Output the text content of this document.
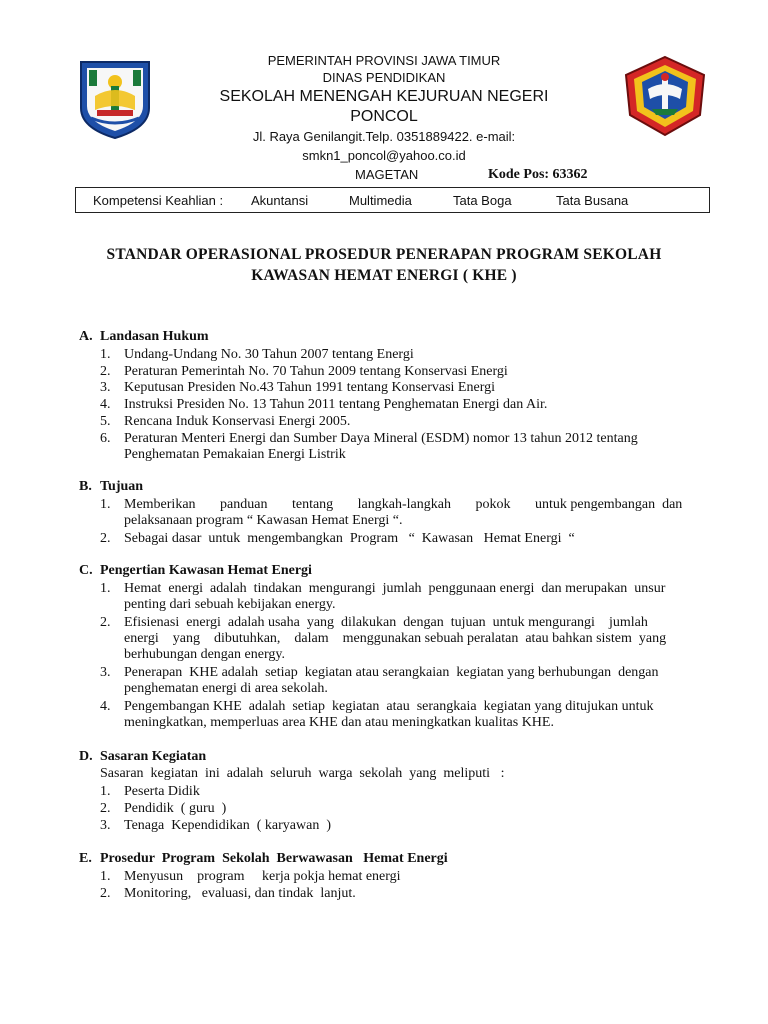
PEMERINTAH PROVINSI JAWA TIMUR
DINAS PENDIDIKAN
SEKOLAH MENENGAH KEJURUAN NEGERI
PONCOL
Jl. Raya Genilangit.Telp. 0351889422. e-mail:
smkn1_poncol@yahoo.co.id
MAGETAN	Kode Pos: 63362
Kompetensi Keahlian : Akuntansi	Multimedia	Tata Boga	Tata Busana
STANDAR OPERASIONAL PROSEDUR PENERAPAN PROGRAM SEKOLAH
KAWASAN HEMAT ENERGI ( KHE )
A. Landasan Hukum
1. Undang-Undang No. 30 Tahun 2007 tentang Energi
2. Peraturan Pemerintah No. 70 Tahun 2009 tentang Konservasi Energi
3. Keputusan Presiden No.43 Tahun 1991 tentang Konservasi Energi
4. Instruksi Presiden No. 13 Tahun 2011 tentang Penghematan Energi dan Air.
5. Rencana Induk Konservasi Energi 2005.
6. Peraturan Menteri Energi dan Sumber Daya Mineral (ESDM) nomor 13 tahun 2012 tentang
Penghematan Pemakaian Energi Listrik
B. Tujuan
1. Memberikan       panduan       tentang       langkah-langkah       pokok       untuk pengembangan  dan
pelaksanaan program “ Kawasan Hemat Energi “.
2. Sebagai dasar  untuk  mengembangkan  Program   “  Kawasan   Hemat Energi  “
C. Pengertian Kawasan Hemat Energi
1. Hemat  energi  adalah  tindakan  mengurangi  jumlah  penggunaan energi  dan merupakan  unsur
penting dari sebuah kebijakan energy.
2. Efisienasi  energi  adalah usaha  yang  dilakukan  dengan  tujuan  untuk mengurangi    jumlah
energi    yang    dibutuhkan,    dalam    menggunakan sebuah peralatan  atau bahkan sistem  yang
berhubungan dengan energy.
3. Penerapan  KHE adalah  setiap  kegiatan atau serangkaian  kegiatan yang berhubungan  dengan
penghematan energi di area sekolah.
4. Pengembangan KHE  adalah  setiap  kegiatan  atau  serangkaia  kegiatan yang ditujukan untuk
meningkatkan, memperluas area KHE dan atau meningkatkan kualitas KHE.
D. Sasaran Kegiatan
Sasaran  kegiatan  ini  adalah  seluruh  warga  sekolah  yang  meliputi   :
1. Peserta Didik
2. Pendidik  ( guru  )
3. Tenaga  Kependidikan  ( karyawan  )
E. Prosedur  Program  Sekolah  Berwawasan   Hemat Energi
1. Menyusun    program     kerja pokja hemat energi
2. Monitoring,   evaluasi, dan tindak  lanjut.
